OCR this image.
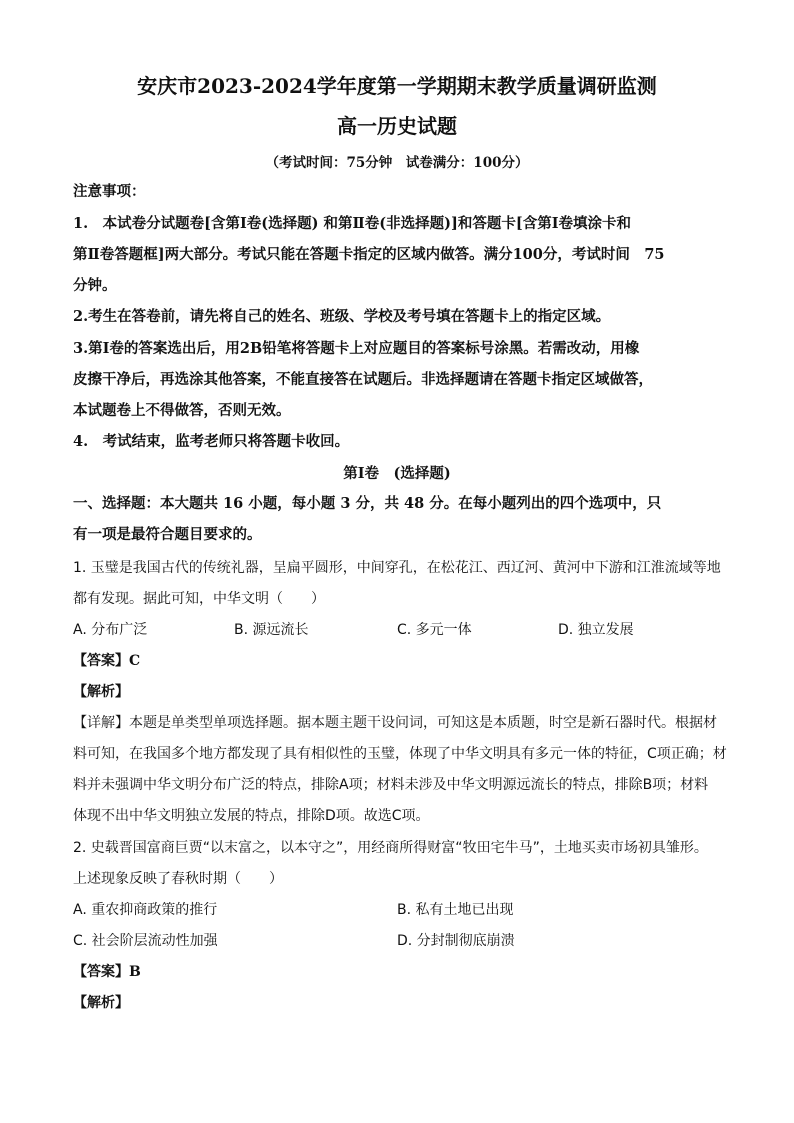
安庆市2023-2024学年度第一学期期末教学质量调研监测
高一历史试题
（考试时间：75分钟　试卷满分：100分）
注意事项：
1.　本试卷分试题卷[含第Ⅰ卷(选择题) 和第Ⅱ卷(非选择题)]和答题卡[含第Ⅰ卷填涂卡和
第Ⅱ卷答题框]两大部分。考试只能在答题卡指定的区域内做答。满分100分，考试时间　75
分钟。
2.考生在答卷前，请先将自己的姓名、班级、学校及考号填在答题卡上的指定区域。
3.第Ⅰ卷的答案选出后，用2B铅笔将答题卡上对应题目的答案标号涂黑。若需改动，用橡
皮擦干净后，再选涂其他答案，不能直接答在试题后。非选择题请在答题卡指定区域做答，
本试题卷上不得做答，否则无效。
4.　考试结束，监考老师只将答题卡收回。
第Ⅰ卷　(选择题)
一、选择题：本大题共 16 小题，每小题 3 分，共 48 分。在每小题列出的四个选项中，只
有一项是最符合题目要求的。
1. 玉璧是我国古代的传统礼器，呈扁平圆形，中间穿孔，在松花江、西辽河、黄河中下游和江淮流域等地
都有发现。据此可知，中华文明（　　）
A. 分布广泛	B. 源远流长	C. 多元一体	D. 独立发展
【答案】C
【解析】
【详解】本题是单类型单项选择题。据本题主题干设问词，可知这是本质题，时空是新石器时代。根据材
料可知，在我国多个地方都发现了具有相似性的玉璧，体现了中华文明具有多元一体的特征，C项正确；材
料并未强调中华文明分布广泛的特点，排除A项；材料未涉及中华文明源远流长的特点，排除B项；材料
体现不出中华文明独立发展的特点，排除D项。故选C项。
2. 史载晋国富商巨贾“以末富之，以本守之”，用经商所得财富“牧田宅牛马”，土地买卖市场初具雏形。
上述现象反映了春秋时期（　　）
A. 重农抑商政策的推行	B. 私有土地已出现
C. 社会阶层流动性加强	D. 分封制彻底崩溃
【答案】B
【解析】
